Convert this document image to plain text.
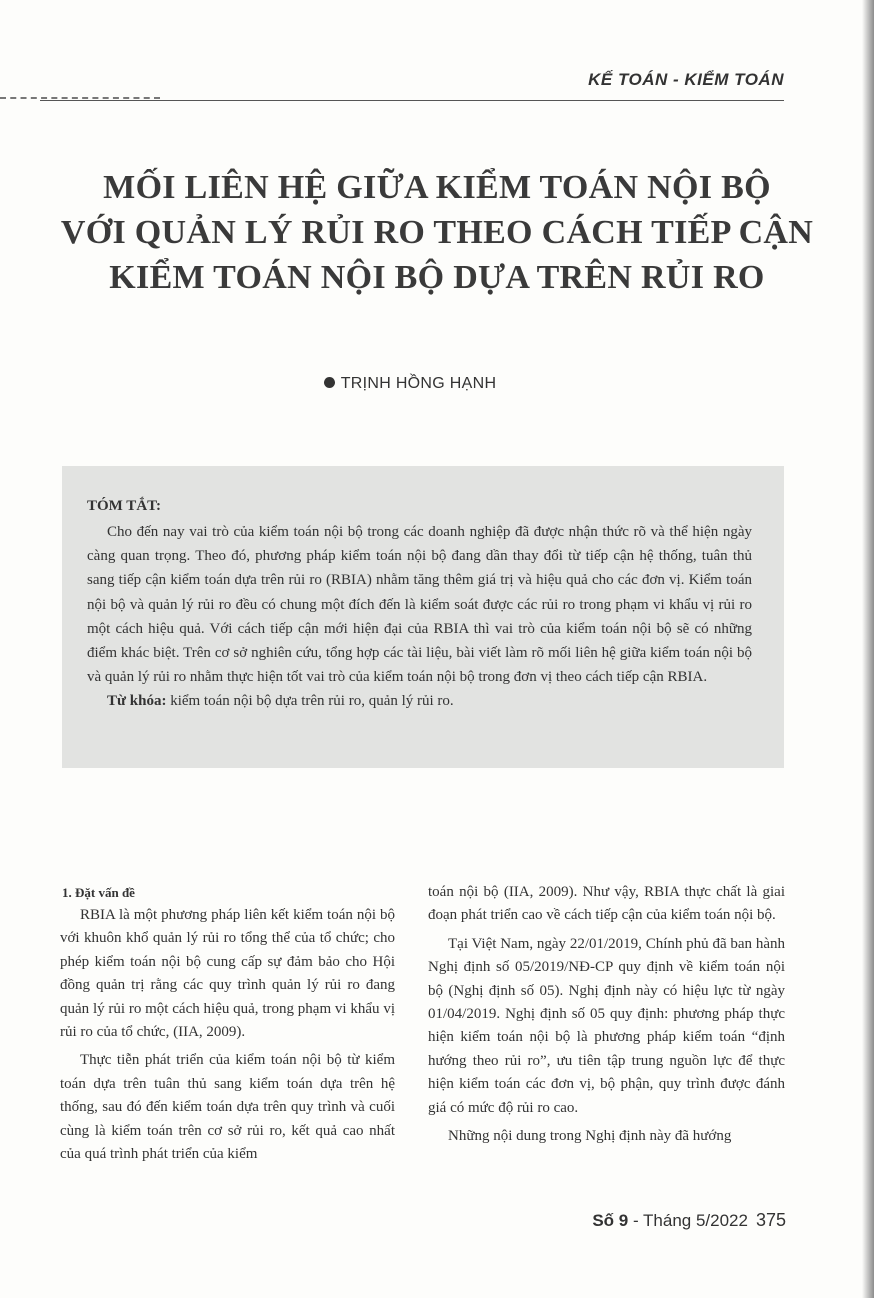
KẾ TOÁN - KIỂM TOÁN
MỐI LIÊN HỆ GIỮA KIỂM TOÁN NỘI BỘ
VỚI QUẢN LÝ RỦI RO THEO CÁCH TIẾP CẬN
KIỂM TOÁN NỘI BỘ DỰA TRÊN RỦI RO
TRỊNH HỒNG HẠNH
TÓM TẮT:

Cho đến nay vai trò của kiểm toán nội bộ trong các doanh nghiệp đã được nhận thức rõ và thể hiện ngày càng quan trọng. Theo đó, phương pháp kiểm toán nội bộ đang dần thay đổi từ tiếp cận hệ thống, tuân thủ sang tiếp cận kiểm toán dựa trên rủi ro (RBIA) nhằm tăng thêm giá trị và hiệu quả cho các đơn vị. Kiểm toán nội bộ và quản lý rủi ro đều có chung một đích đến là kiểm soát được các rủi ro trong phạm vi khẩu vị rủi ro một cách hiệu quả. Với cách tiếp cận mới hiện đại của RBIA thì vai trò của kiểm toán nội bộ sẽ có những điểm khác biệt. Trên cơ sở nghiên cứu, tổng hợp các tài liệu, bài viết làm rõ mối liên hệ giữa kiểm toán nội bộ và quản lý rủi ro nhằm thực hiện tốt vai trò của kiểm toán nội bộ trong đơn vị theo cách tiếp cận RBIA.

Từ khóa: kiểm toán nội bộ dựa trên rủi ro, quản lý rủi ro.

1. Đặt vấn đề

RBIA là một phương pháp liên kết kiểm toán nội bộ với khuôn khổ quản lý rủi ro tổng thể của tổ chức; cho phép kiểm toán nội bộ cung cấp sự đảm bảo cho Hội đồng quản trị rằng các quy trình quản lý rủi ro đang quản lý rủi ro một cách hiệu quả, trong phạm vi khẩu vị rủi ro của tổ chức, (IIA, 2009).

Thực tiễn phát triển của kiểm toán nội bộ từ kiểm toán dựa trên tuân thủ sang kiểm toán dựa trên hệ thống, sau đó đến kiểm toán dựa trên quy trình và cuối cùng là kiểm toán trên cơ sở rủi ro, kết quả cao nhất của quá trình phát triển của kiểm

toán nội bộ (IIA, 2009). Như vậy, RBIA thực chất là giai đoạn phát triển cao về cách tiếp cận của kiểm toán nội bộ.

Tại Việt Nam, ngày 22/01/2019, Chính phủ đã ban hành Nghị định số 05/2019/NĐ-CP quy định về kiểm toán nội bộ (Nghị định số 05). Nghị định này có hiệu lực từ ngày 01/04/2019. Nghị định số 05 quy định: phương pháp thực hiện kiểm toán nội bộ là phương pháp kiểm toán “định hướng theo rủi ro”, ưu tiên tập trung nguồn lực để thực hiện kiểm toán các đơn vị, bộ phận, quy trình được đánh giá có mức độ rủi ro cao.

Những nội dung trong Nghị định này đã hướng

Số 9 - Tháng 5/2022 375
